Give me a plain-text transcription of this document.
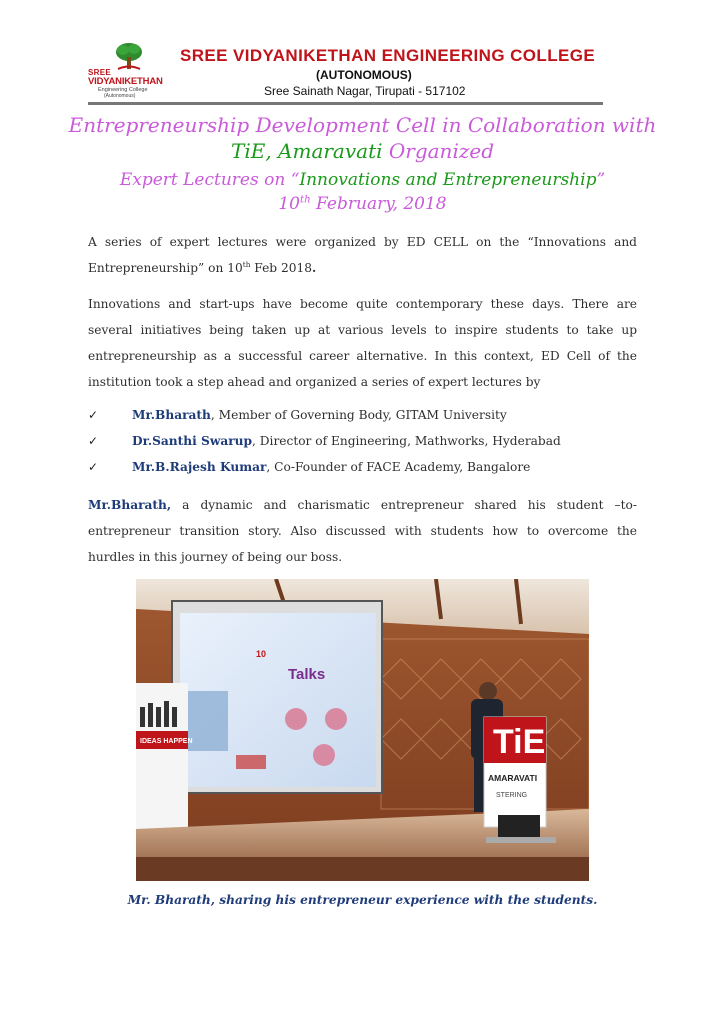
SREE
VIDYANIKETHAN
Engineering College
(Autonomous)
SREE VIDYANIKETHAN ENGINEERING COLLEGE
(AUTONOMOUS)
Sree Sainath Nagar, Tirupati - 517102
Entrepreneurship Development Cell in Collaboration with
TiE, Amaravati Organized
Expert Lectures on “Innovations and Entrepreneurship”
10th February, 2018
A series of expert lectures were organized by ED CELL on the “Innovations and Entrepreneurship” on 10th Feb 2018.
Innovations and start-ups have become quite contemporary these days. There are several initiatives being taken up at various levels to inspire students to take up entrepreneurship as a successful career alternative. In this context, ED Cell of the institution took a step ahead and organized a series of expert lectures by
✓	Mr.Bharath, Member of Governing Body, GITAM University
✓	Dr.Santhi Swarup, Director of Engineering, Mathworks, Hyderabad
✓	Mr.B.Rajesh Kumar, Co-Founder of FACE Academy, Bangalore
Mr.Bharath, a dynamic and charismatic entrepreneur shared his student –to-entrepreneur transition story. Also discussed with students how to overcome the hurdles in this journey of being our boss.
10
Talks
IDEAS HAPPEN	TiE
AMARAVATI
STERING
Mr. Bharath, sharing his entrepreneur experience with the students.
